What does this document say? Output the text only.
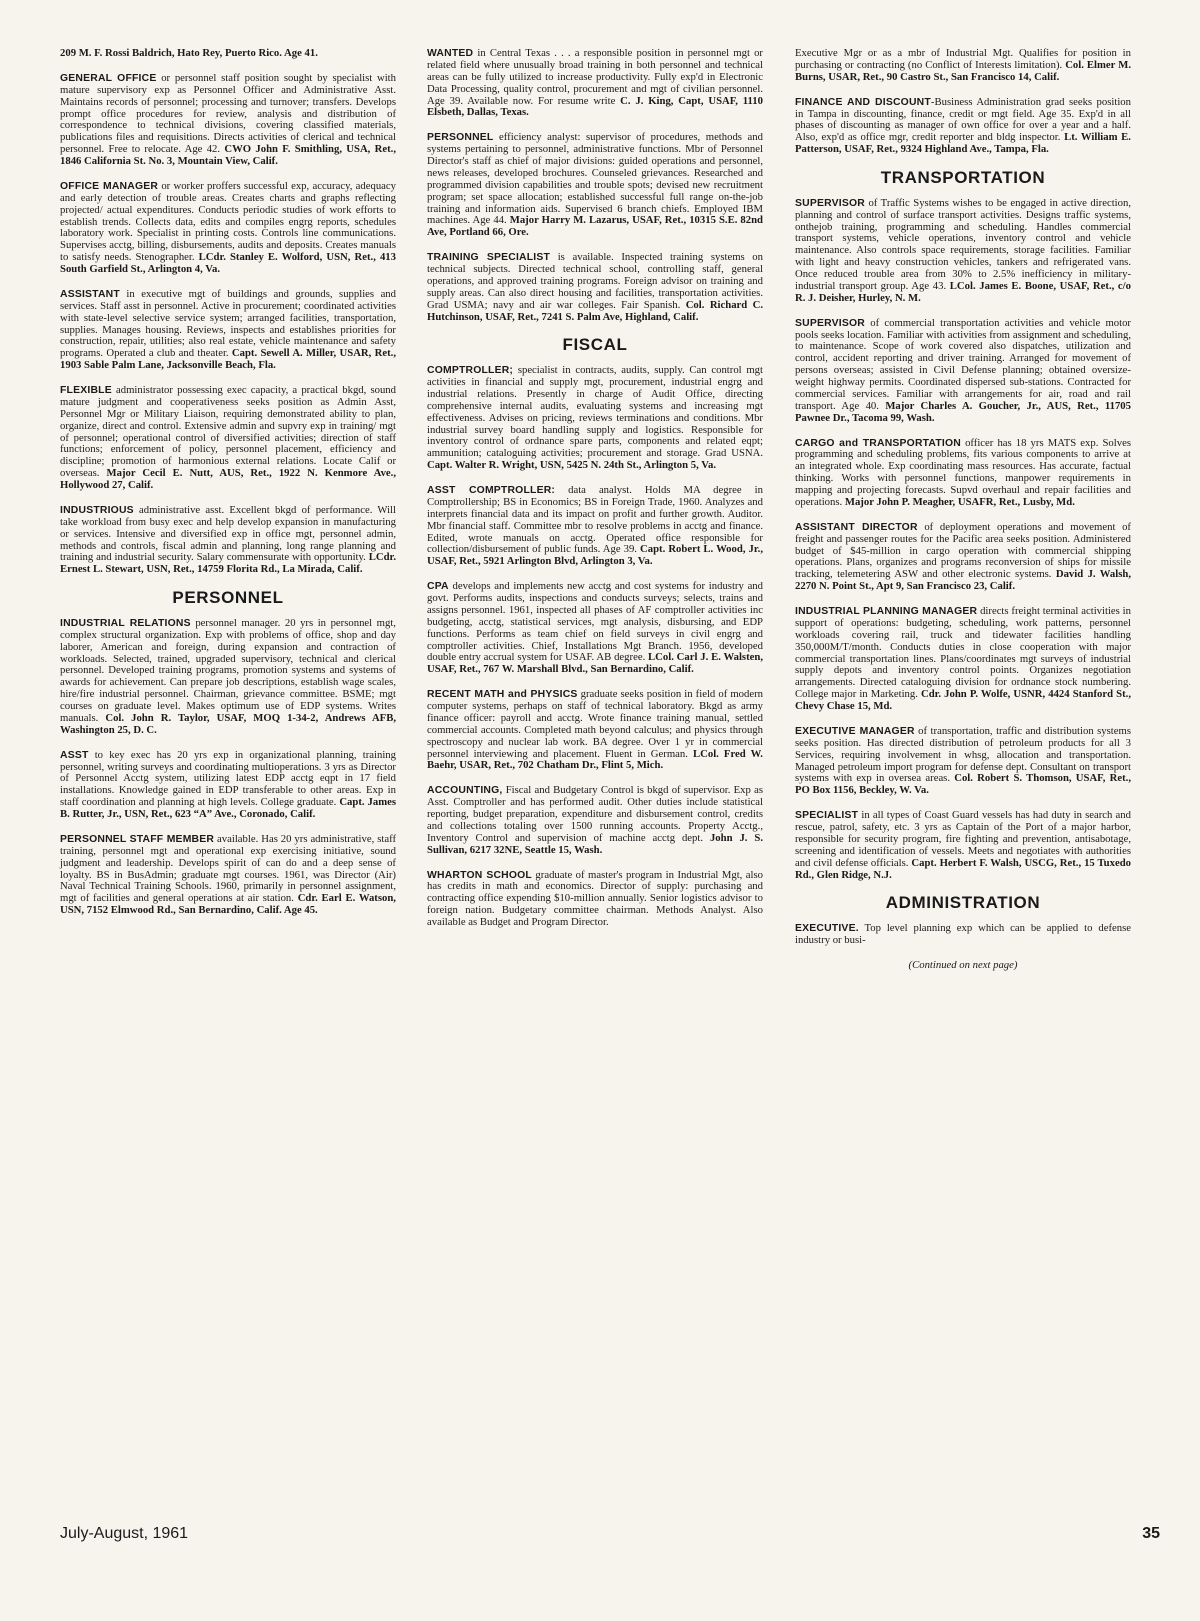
209 M. F. Rossi Baldrich, Hato Rey, Puerto Rico. Age 41.
GENERAL OFFICE or personnel staff position sought by specialist with mature supervisory exp as Personnel Officer and Administrative Asst. Maintains records of personnel; processing and turnover; transfers. Develops prompt office procedures for review, analysis and distribution of correspondence to technical divisions, covering classified materials, publications files and requisitions. Directs activities of clerical and technical personnel. Free to relocate. Age 42. CWO John F. Smithling, USA, Ret., 1846 California St. No. 3, Mountain View, Calif.
OFFICE MANAGER or worker proffers successful exp, accuracy, adequacy and early detection of trouble areas. Creates charts and graphs reflecting projected/ actual expenditures. Conducts periodic studies of work efforts to establish trends. Collects data, edits and compiles engrg reports, schedules laboratory work. Specialist in printing costs. Controls line communications. Supervises acctg, billing, disbursements, audits and deposits. Creates manuals to satisfy needs. Stenographer. LCdr. Stanley E. Wolford, USN, Ret., 413 South Garfield St., Arlington 4, Va.
ASSISTANT in executive mgt of buildings and grounds, supplies and services. Staff asst in personnel. Active in procurement; coordinated activities with state-level selective service system; arranged facilities, transportation, supplies. Manages housing. Reviews, inspects and establishes priorities for construction, repair, utilities; also real estate, vehicle maintenance and safety programs. Operated a club and theater. Capt. Sewell A. Miller, USAR, Ret., 1903 Sable Palm Lane, Jacksonville Beach, Fla.
FLEXIBLE administrator possessing exec capacity, a practical bkgd, sound mature judgment and cooperativeness seeks position as Admin Asst, Personnel Mgr or Military Liaison, requiring demonstrated ability to plan, organize, direct and control. Extensive admin and supvry exp in training/ mgt of personnel; operational control of diversified activities; direction of staff functions; enforcement of policy, personnel placement, efficiency and discipline; promotion of harmonious external relations. Locate Calif or overseas. Major Cecil E. Nutt, AUS, Ret., 1922 N. Kenmore Ave., Hollywood 27, Calif.
INDUSTRIOUS administrative asst. Excellent bkgd of performance. Will take workload from busy exec and help develop expansion in manufacturing or services. Intensive and diversified exp in office mgt, personnel admin, methods and controls, fiscal admin and planning, long range planning and training and industrial security. Salary commensurate with opportunity. LCdr. Ernest L. Stewart, USN, Ret., 14759 Florita Rd., La Mirada, Calif.
PERSONNEL
INDUSTRIAL RELATIONS personnel manager. 20 yrs in personnel mgt, complex structural organization. Exp with problems of office, shop and day laborer, American and foreign, during expansion and contraction of workloads. Selected, trained, upgraded supervisory, technical and clerical personnel. Developed training programs, promotion systems and systems of awards for achievement. Can prepare job descriptions, establish wage scales, hire/fire industrial personnel. Chairman, grievance committee. BSME; mgt courses on graduate level. Makes optimum use of EDP systems. Writes manuals. Col. John R. Taylor, USAF, MOQ 1-34-2, Andrews AFB, Washington 25, D. C.
ASST to key exec has 20 yrs exp in organizational planning, training personnel, writing surveys and coordinating multioperations. 3 yrs as Director of Personnel Acctg system, utilizing latest EDP acctg eqpt in 17 field installations. Knowledge gained in EDP transferable to other areas. Exp in staff coordination and planning at high levels. College graduate. Capt. James B. Rutter, Jr., USN, Ret., 623 “A” Ave., Coronado, Calif.
PERSONNEL STAFF MEMBER available. Has 20 yrs administrative, staff training, personnel mgt and operational exp exercising initiative, sound judgment and leadership. Develops spirit of can do and a deep sense of loyalty. BS in BusAdmin; graduate mgt courses. 1961, was Director (Air) Naval Technical Training Schools. 1960, primarily in personnel assignment, mgt of facilities and general operations at air station. Cdr. Earl E. Watson, USN, 7152 Elmwood Rd., San Bernardino, Calif. Age 45.
WANTED in Central Texas . . . a responsible position in personnel mgt or related field where unusually broad training in both personnel and technical areas can be fully utilized to increase productivity. Fully exp'd in Electronic Data Processing, quality control, procurement and mgt of civilian personnel. Age 39. Available now. For resume write C. J. King, Capt, USAF, 1110 Elsbeth, Dallas, Texas.
PERSONNEL efficiency analyst: supervisor of procedures, methods and systems pertaining to personnel, administrative functions. Mbr of Personnel Director's staff as chief of major divisions: guided operations and personnel, news releases, developed brochures. Counseled grievances. Researched and programmed division capabilities and trouble spots; devised new recruitment program; set space allocation; established successful full range on-the-job training and information aids. Supervised 6 branch chiefs. Employed IBM machines. Age 44. Major Harry M. Lazarus, USAF, Ret., 10315 S.E. 82nd Ave, Portland 66, Ore.
TRAINING SPECIALIST is available. Inspected training systems on technical subjects. Directed technical school, controlling staff, general operations, and approved training programs. Foreign advisor on training and supply areas. Can also direct housing and facilities, transportation activities. Grad USMA; navy and air war colleges. Fair Spanish. Col. Richard C. Hutchinson, USAF, Ret., 7241 S. Palm Ave, Highland, Calif.
FISCAL
COMPTROLLER; specialist in contracts, audits, supply. Can control mgt activities in financial and supply mgt, procurement, industrial engrg and industrial relations. Presently in charge of Audit Office, directing comprehensive internal audits, evaluating systems and increasing mgt effectiveness. Advises on pricing, reviews terminations and conditions. Mbr industrial survey board handling supply and logistics. Responsible for inventory control of ordnance spare parts, components and related eqpt; ammunition; cataloguing activities; procurement and storage. Grad USNA. Capt. Walter R. Wright, USN, 5425 N. 24th St., Arlington 5, Va.
ASST COMPTROLLER: data analyst. Holds MA degree in Comptrollership; BS in Economics; BS in Foreign Trade, 1960. Analyzes and interprets financial data and its impact on profit and further growth. Auditor. Mbr financial staff. Committee mbr to resolve problems in acctg and finance. Edited, wrote manuals on acctg. Operated office responsible for collection/disbursement of public funds. Age 39. Capt. Robert L. Wood, Jr., USAF, Ret., 5921 Arlington Blvd, Arlington 3, Va.
CPA develops and implements new acctg and cost systems for industry and govt. Performs audits, inspections and conducts surveys; selects, trains and assigns personnel. 1961, inspected all phases of AF comptroller activities inc budgeting, acctg, statistical services, mgt analysis, disbursing, and EDP functions. Performs as team chief on field surveys in civil engrg and comptroller activities. Chief, Installations Mgt Branch. 1956, developed double entry accrual system for USAF. AB degree. LCol. Carl J. E. Walsten, USAF, Ret., 767 W. Marshall Blvd., San Bernardino, Calif.
RECENT MATH and PHYSICS graduate seeks position in field of modern computer systems, perhaps on staff of technical laboratory. Bkgd as army finance officer: payroll and acctg. Wrote finance training manual, settled commercial accounts. Completed math beyond calculus; and physics through spectroscopy and nuclear lab work. BA degree. Over 1 yr in commercial personnel interviewing and placement. Fluent in German. LCol. Fred W. Baehr, USAR, Ret., 702 Chatham Dr., Flint 5, Mich.
ACCOUNTING, Fiscal and Budgetary Control is bkgd of supervisor. Exp as Asst. Comptroller and has performed audit. Other duties include statistical reporting, budget preparation, expenditure and disbursement control, credits and collections totaling over 1500 running accounts. Property Acctg., Inventory Control and supervision of machine acctg dept. John J. S. Sullivan, 6217 32NE, Seattle 15, Wash.
WHARTON SCHOOL graduate of master's program in Industrial Mgt, also has credits in math and economics. Director of supply: purchasing and contracting office expending $10-million annually. Senior logistics advisor to foreign nation. Budgetary committee chairman. Methods Analyst. Also available as Budget and Program Director.
Executive Mgr or as a mbr of Industrial Mgt. Qualifies for position in purchasing or contracting (no Conflict of Interests limitation). Col. Elmer M. Burns, USAR, Ret., 90 Castro St., San Francisco 14, Calif.
FINANCE AND DISCOUNT-Business Administration grad seeks position in Tampa in discounting, finance, credit or mgt field. Age 35. Exp'd in all phases of discounting as manager of own office for over a year and a half. Also, exp'd as office mgr, credit reporter and bldg inspector. Lt. William E. Patterson, USAF, Ret., 9324 Highland Ave., Tampa, Fla.
TRANSPORTATION
SUPERVISOR of Traffic Systems wishes to be engaged in active direction, planning and control of surface transport activities. Designs traffic systems, onthejob training, programming and scheduling. Handles commercial transport systems, vehicle operations, inventory control and vehicle maintenance. Also controls space requirements, storage facilities. Familiar with light and heavy construction vehicles, tankers and refrigerated vans. Once reduced trouble area from 30% to 2.5% inefficiency in military-industrial transport group. Age 43. LCol. James E. Boone, USAF, Ret., c/o R. J. Deisher, Hurley, N. M.
SUPERVISOR of commercial transportation activities and vehicle motor pools seeks location. Familiar with activities from assignment and scheduling, to maintenance. Scope of work covered also dispatches, utilization and control, accident reporting and driver training. Arranged for movement of persons overseas; assisted in Civil Defense planning; obtained oversize-weight highway permits. Coordinated dispersed sub-stations. Contracted for commercial services. Familiar with arrangements for air, road and rail transport. Age 40. Major Charles A. Goucher, Jr., AUS, Ret., 11705 Pawnee Dr., Tacoma 99, Wash.
CARGO and TRANSPORTATION officer has 18 yrs MATS exp. Solves programming and scheduling problems, fits various components to arrive at an integrated whole. Exp coordinating mass resources. Has accurate, factual thinking. Works with personnel functions, manpower requirements in mapping and projecting forecasts. Supvd overhaul and repair facilities and operations. Major John P. Meagher, USAFR, Ret., Lusby, Md.
ASSISTANT DIRECTOR of deployment operations and movement of freight and passenger routes for the Pacific area seeks position. Administered budget of $45-million in cargo operation with commercial shipping operations. Plans, organizes and programs reconversion of ships for missile tracking, telemetering ASW and other electronic systems. David J. Walsh, 2270 N. Point St., Apt 9, San Francisco 23, Calif.
INDUSTRIAL PLANNING MANAGER directs freight terminal activities in support of operations: budgeting, scheduling, work patterns, personnel workloads covering rail, truck and tidewater facilities handling 350,000M/T/month. Conducts duties in close cooperation with major commercial transportation lines. Plans/coordinates mgt surveys of industrial supply depots and inventory control points. Organizes negotiation arrangements. Directed cataloguing division for ordnance stock numbering. College major in Marketing. Cdr. John P. Wolfe, USNR, 4424 Stanford St., Chevy Chase 15, Md.
EXECUTIVE MANAGER of transportation, traffic and distribution systems seeks position. Has directed distribution of petroleum products for all 3 Services, requiring involvement in whsg, allocation and transportation. Managed petroleum import program for defense dept. Consultant on transport systems with exp in oversea areas. Col. Robert S. Thomson, USAF, Ret., PO Box 1156, Beckley, W. Va.
SPECIALIST in all types of Coast Guard vessels has had duty in search and rescue, patrol, safety, etc. 3 yrs as Captain of the Port of a major harbor, responsible for security program, fire fighting and prevention, antisabotage, screening and identification of vessels. Meets and negotiates with authorities and civil defense officials. Capt. Herbert F. Walsh, USCG, Ret., 15 Tuxedo Rd., Glen Ridge, N.J.
ADMINISTRATION
EXECUTIVE. Top level planning exp which can be applied to defense industry or busi-
(Continued on next page)
July-August, 1961	35
